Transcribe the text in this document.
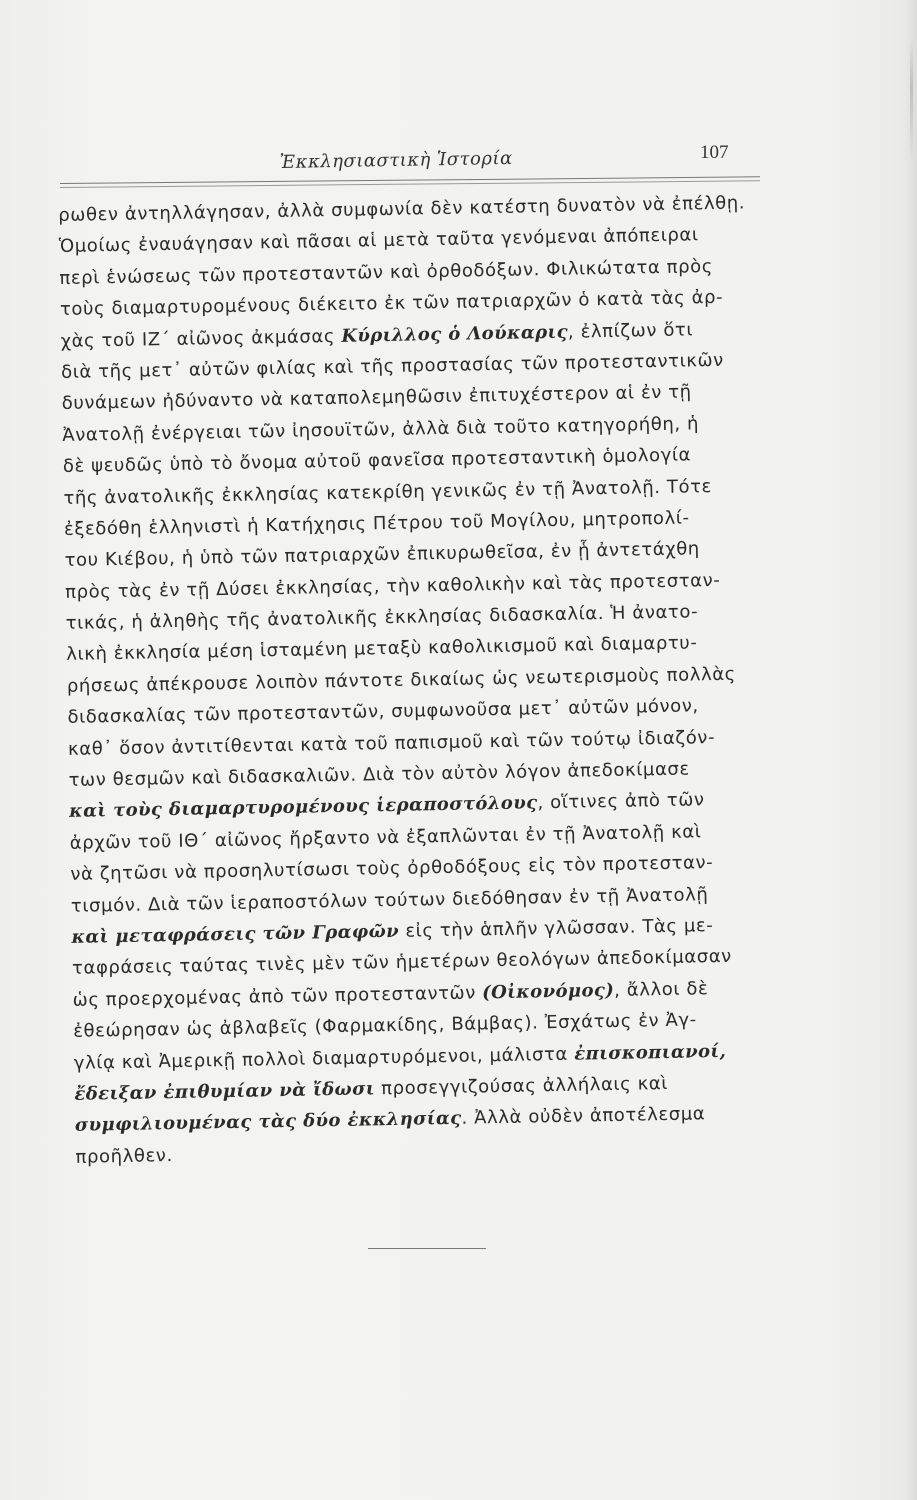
Ἐκκλησιαστικὴ Ἱστορία	107
ρωθεν ἀντηλλάγησαν, ἀλλὰ συμφωνία δὲν κατέστη δυνατὸν νὰ ἐπέλθῃ.
Ὁμοίως ἐναυάγησαν καὶ πᾶσαι αἱ μετὰ ταῦτα γενόμεναι ἀπόπειραι
περὶ ἑνώσεως τῶν προτεσταντῶν καὶ ὀρθοδόξων. Φιλικώτατα πρὸς
τοὺς διαμαρτυρομένους διέκειτο ἐκ τῶν πατριαρχῶν ὁ κατὰ τὰς ἀρ-
χὰς τοῦ ΙΖ΄ αἰῶνος ἀκμάσας Κύριλλος ὁ Λούκαρις, ἐλπίζων ὅτι
διὰ τῆς μετ᾽ αὐτῶν φιλίας καὶ τῆς προστασίας τῶν προτεσταντικῶν
δυνάμεων ἠδύναντο νὰ καταπολεμηθῶσιν ἐπιτυχέστερον αἱ ἐν τῇ
Ἀνατολῇ ἐνέργειαι τῶν ἰησουϊτῶν, ἀλλὰ διὰ τοῦτο κατηγορήθη, ἡ
δὲ ψευδῶς ὑπὸ τὸ ὄνομα αὐτοῦ φανεῖσα προτεσταντικὴ ὁμολογία
τῆς ἀνατολικῆς ἐκκλησίας κατεκρίθη γενικῶς ἐν τῇ Ἀνατολῇ. Τότε
ἐξεδόθη ἑλληνιστὶ ἡ Κατήχησις Πέτρου τοῦ Μογίλου, μητροπολί-
του Κιέβου, ἡ ὑπὸ τῶν πατριαρχῶν ἐπικυρωθεῖσα, ἐν ᾗ ἀντετάχθη
πρὸς τὰς ἐν τῇ Δύσει ἐκκλησίας, τὴν καθολικὴν καὶ τὰς προτεσταν-
τικάς, ἡ ἀληθὴς τῆς ἀνατολικῆς ἐκκλησίας διδασκαλία. Ἡ ἀνατο-
λικὴ ἐκκλησία μέση ἱσταμένη μεταξὺ καθολικισμοῦ καὶ διαμαρτυ-
ρήσεως ἀπέκρουσε λοιπὸν πάντοτε δικαίως ὡς νεωτερισμοὺς πολλὰς
διδασκαλίας τῶν προτεσταντῶν, συμφωνοῦσα μετ᾽ αὐτῶν μόνον,
καθ᾽ ὅσον ἀντιτίθενται κατὰ τοῦ παπισμοῦ καὶ τῶν τούτῳ ἰδιαζόν-
των θεσμῶν καὶ διδασκαλιῶν. Διὰ τὸν αὐτὸν λόγον ἀπεδοκίμασε
καὶ τοὺς διαμαρτυρομένους ἱεραποστόλους, οἵτινες ἀπὸ τῶν
ἀρχῶν τοῦ ΙΘ΄ αἰῶνος ἤρξαντο νὰ ἐξαπλῶνται ἐν τῇ Ἀνατολῇ καὶ
νὰ ζητῶσι νὰ προσηλυτίσωσι τοὺς ὀρθοδόξους εἰς τὸν προτεσταν-
τισμόν. Διὰ τῶν ἱεραποστόλων τούτων διεδόθησαν ἐν τῇ Ἀνατολῇ
καὶ μεταφράσεις τῶν Γραφῶν εἰς τὴν ἁπλῆν γλῶσσαν. Τὰς με-
ταφράσεις ταύτας τινὲς μὲν τῶν ἡμετέρων θεολόγων ἀπεδοκίμασαν
ὡς προερχομένας ἀπὸ τῶν προτεσταντῶν (Οἰκονόμος), ἄλλοι δὲ
ἐθεώρησαν ὡς ἀβλαβεῖς (Φαρμακίδης, Βάμβας). Ἐσχάτως ἐν Ἀγ-
γλίᾳ καὶ Ἀμερικῇ πολλοὶ διαμαρτυρόμενοι, μάλιστα ἐπισκοπιανοί,
ἔδειξαν ἐπιθυμίαν νὰ ἴδωσι προσεγγιζούσας ἀλλήλαις καὶ
συμφιλιουμένας τὰς δύο ἐκκλησίας. Ἀλλὰ οὐδὲν ἀποτέλεσμα
προῆλθεν.
